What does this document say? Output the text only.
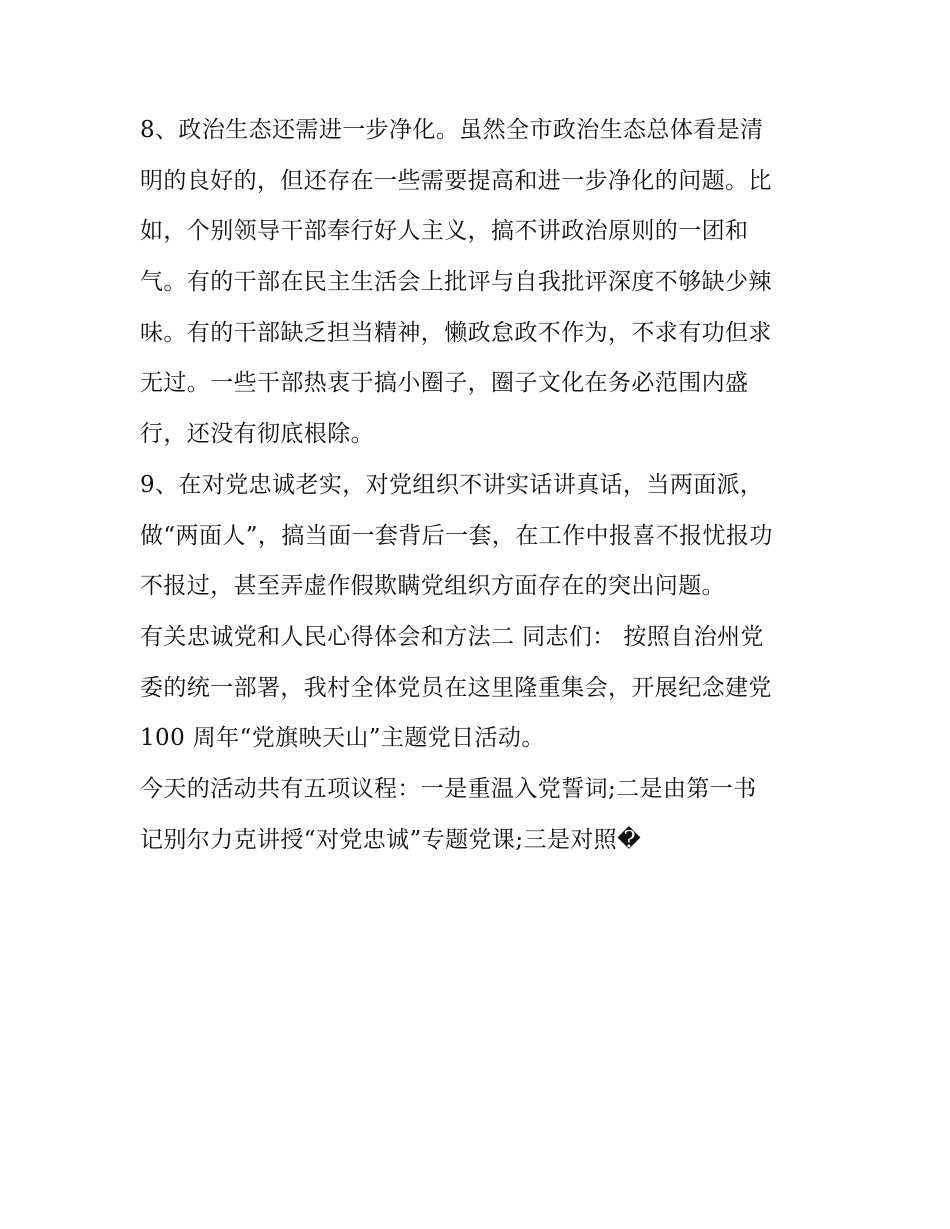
8、政治生态还需进一步净化。虽然全市政治生态总体看是清
明的良好的，但还存在一些需要提高和进一步净化的问题。比
如，个别领导干部奉行好人主义，搞不讲政治原则的一团和
气。有的干部在民主生活会上批评与自我批评深度不够缺少辣
味。有的干部缺乏担当精神，懒政怠政不作为，不求有功但求
无过。一些干部热衷于搞小圈子，圈子文化在务必范围内盛
行，还没有彻底根除。
9、在对党忠诚老实，对党组织不讲实话讲真话，当两面派，
做“两面人”，搞当面一套背后一套，在工作中报喜不报忧报功
不报过，甚至弄虚作假欺瞒党组织方面存在的突出问题。
有关忠诚党和人民心得体会和方法二 同志们： 按照自治州党
委的统一部署，我村全体党员在这里隆重集会，开展纪念建党
100 周年“党旗映天山”主题党日活动。
今天的活动共有五项议程：一是重温入党誓词;二是由第一书
记别尔力克讲授“对党忠诚”专题党课;三是对照�
